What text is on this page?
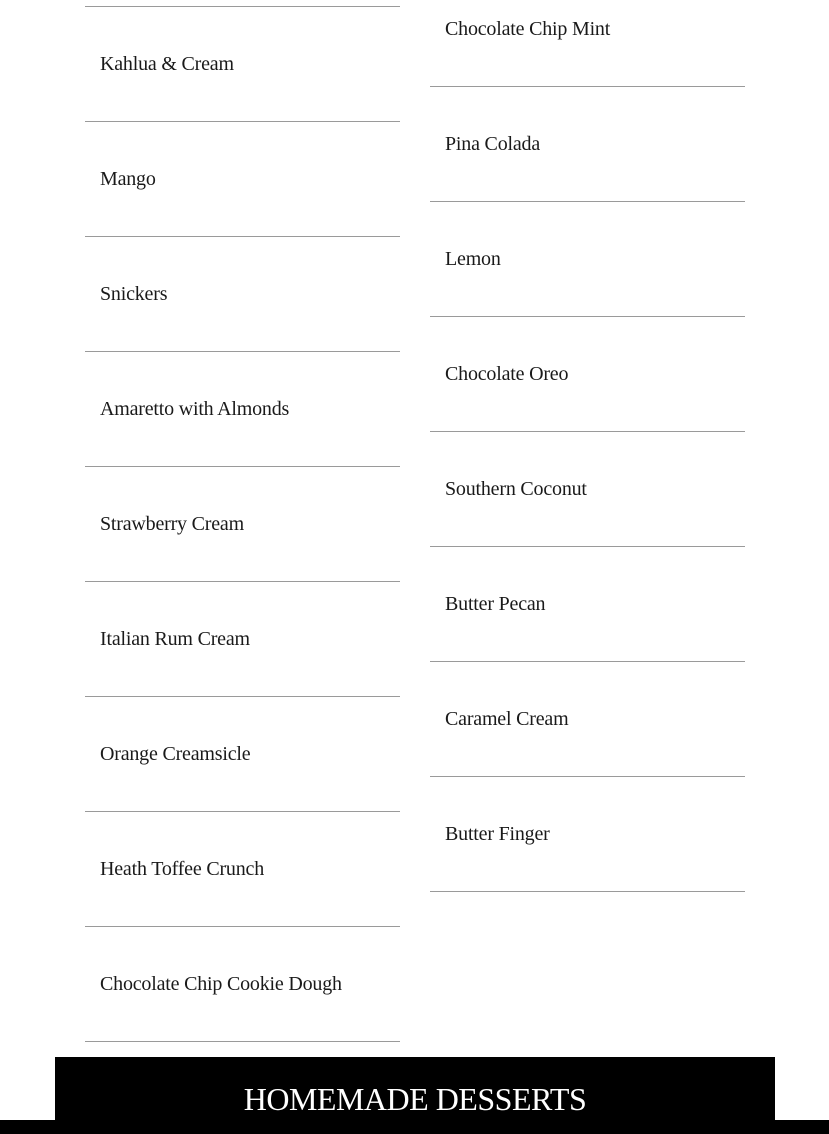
Kahlua & Cream
Mango
Snickers
Amaretto with Almonds
Strawberry Cream
Italian Rum Cream
Orange Creamsicle
Heath Toffee Crunch
Chocolate Chip Cookie Dough
Chocolate Chip Mint
Pina Colada
Lemon
Chocolate Oreo
Southern Coconut
Butter Pecan
Caramel Cream
Butter Finger
HOMEMADE DESSERTS
